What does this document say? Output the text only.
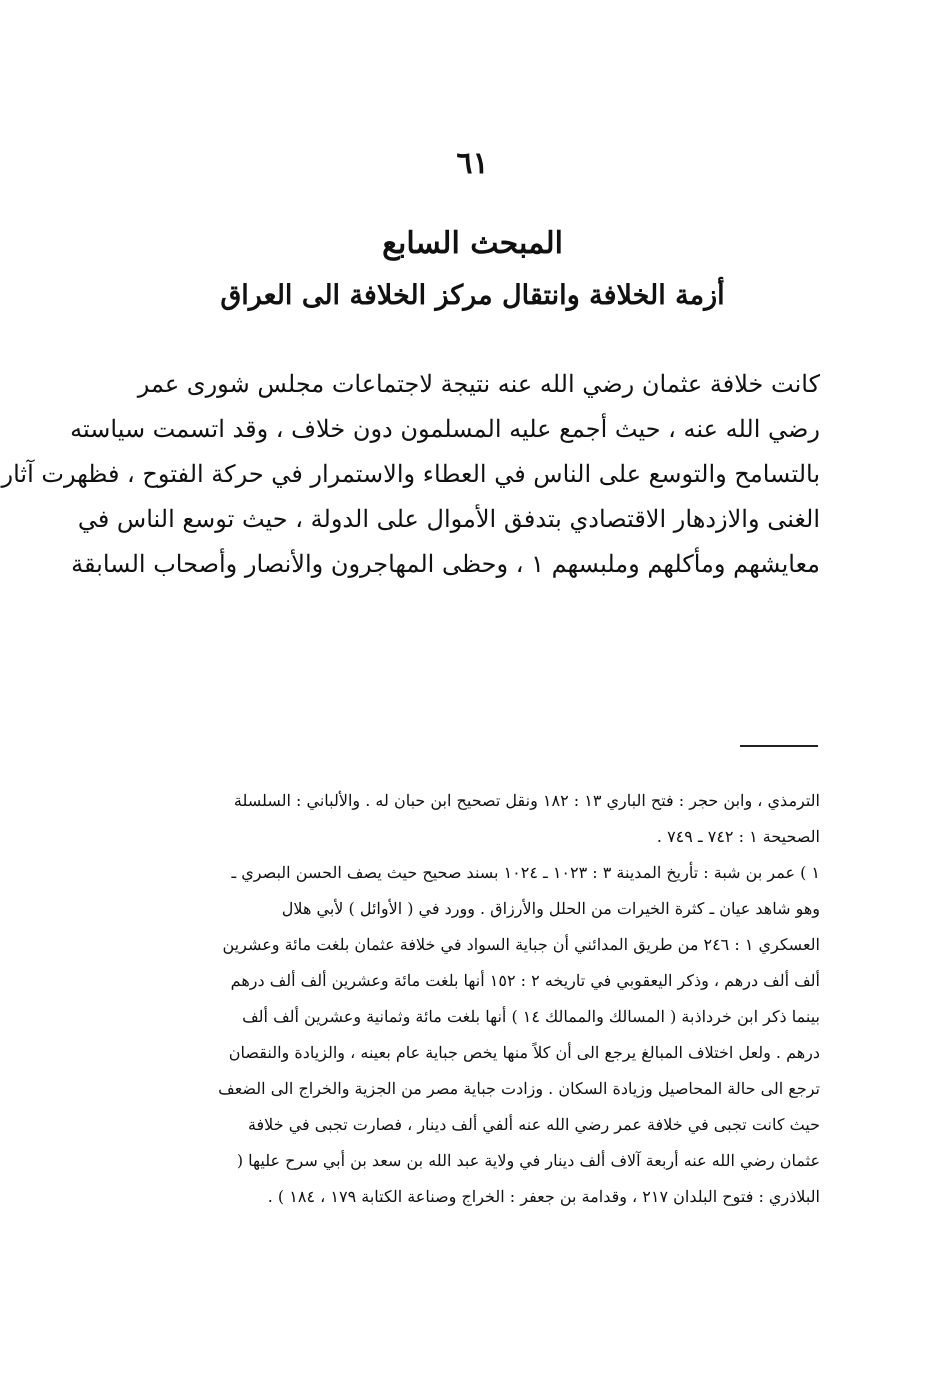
٦١
المبحث السابع
أزمة الخلافة وانتقال مركز الخلافة الى العراق
كانت خلافة عثمان رضي الله عنه نتيجة لاجتماعات مجلس شورى عمر
رضي الله عنه ، حيث أجمع عليه المسلمون دون خلاف ، وقد اتسمت سياسته
بالتسامح والتوسع على الناس في العطاء والاستمرار في حركة الفتوح ، فظهرت آثار
الغنى والازدهار الاقتصادي بتدفق الأموال على الدولة ، حيث توسع الناس في
معايشهم ومأكلهم وملبسهم ١ ، وحظى المهاجرون والأنصار وأصحاب السابقة
الترمذي ، وابن حجر : فتح الباري ١٣ : ١٨٢ ونقل تصحيح ابن حبان له . والألباني : السلسلة
الصحيحة ١ : ٧٤٢ ـ ٧٤٩ .
١ ) عمر بن شبة : تأريخ المدينة ٣ : ١٠٢٣ ـ ١٠٢٤ بسند صحيح حيث يصف الحسن البصري ـ
وهو شاهد عيان ـ كثرة الخيرات من الحلل والأرزاق . وورد في ( الأوائل ) لأبي هلال
العسكري ١ : ٢٤٦ من طريق المدائني أن جباية السواد في خلافة عثمان بلغت مائة وعشرين
ألف ألف درهم ، وذكر اليعقوبي في تاريخه ٢ : ١٥٢ أنها بلغت مائة وعشرين ألف ألف درهم
بينما ذكر ابن خرداذبة ( المسالك والممالك ١٤ ) أنها بلغت مائة وثمانية وعشرين ألف ألف
درهم . ولعل اختلاف المبالغ يرجع الى أن كلاً منها يخص جباية عام بعينه ، والزيادة والنقصان
ترجع الى حالة المحاصيل وزيادة السكان . وزادت جباية مصر من الجزية والخراج الى الضعف
حيث كانت تجبى في خلافة عمر رضي الله عنه ألفي ألف دينار ، فصارت تجبى في خلافة
عثمان رضي الله عنه أربعة آلاف ألف دينار في ولاية عبد الله بن سعد بن أبي سرح عليها (
البلاذري : فتوح البلدان ٢١٧ ، وقدامة بن جعفر : الخراج وصناعة الكتابة ١٧٩ ، ١٨٤ ) .
